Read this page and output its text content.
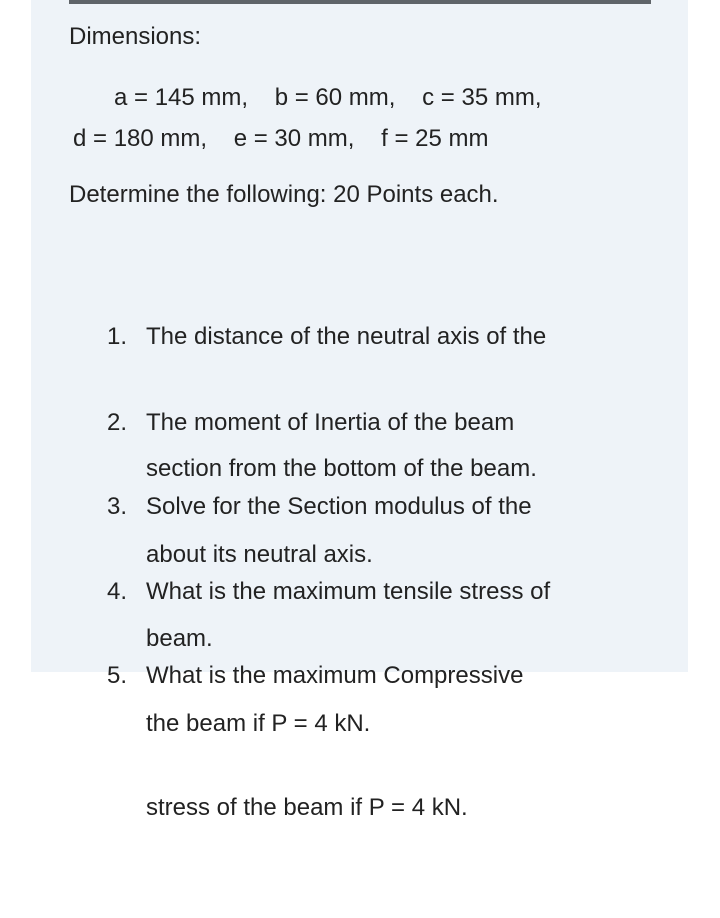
Dimensions:
a = 145 mm,    b = 60 mm,    c = 35 mm,
d = 180 mm,    e = 30 mm,    f = 25 mm
Determine the following: 20 Points each.

1. The distance of the neutral axis of the

section from the bottom of the beam.

2. The moment of Inertia of the beam

about its neutral axis.

3. Solve for the Section modulus of the

beam.

4. What is the maximum tensile stress of

the beam if P = 4 kN.

5. What is the maximum Compressive

stress of the beam if P = 4 kN.
